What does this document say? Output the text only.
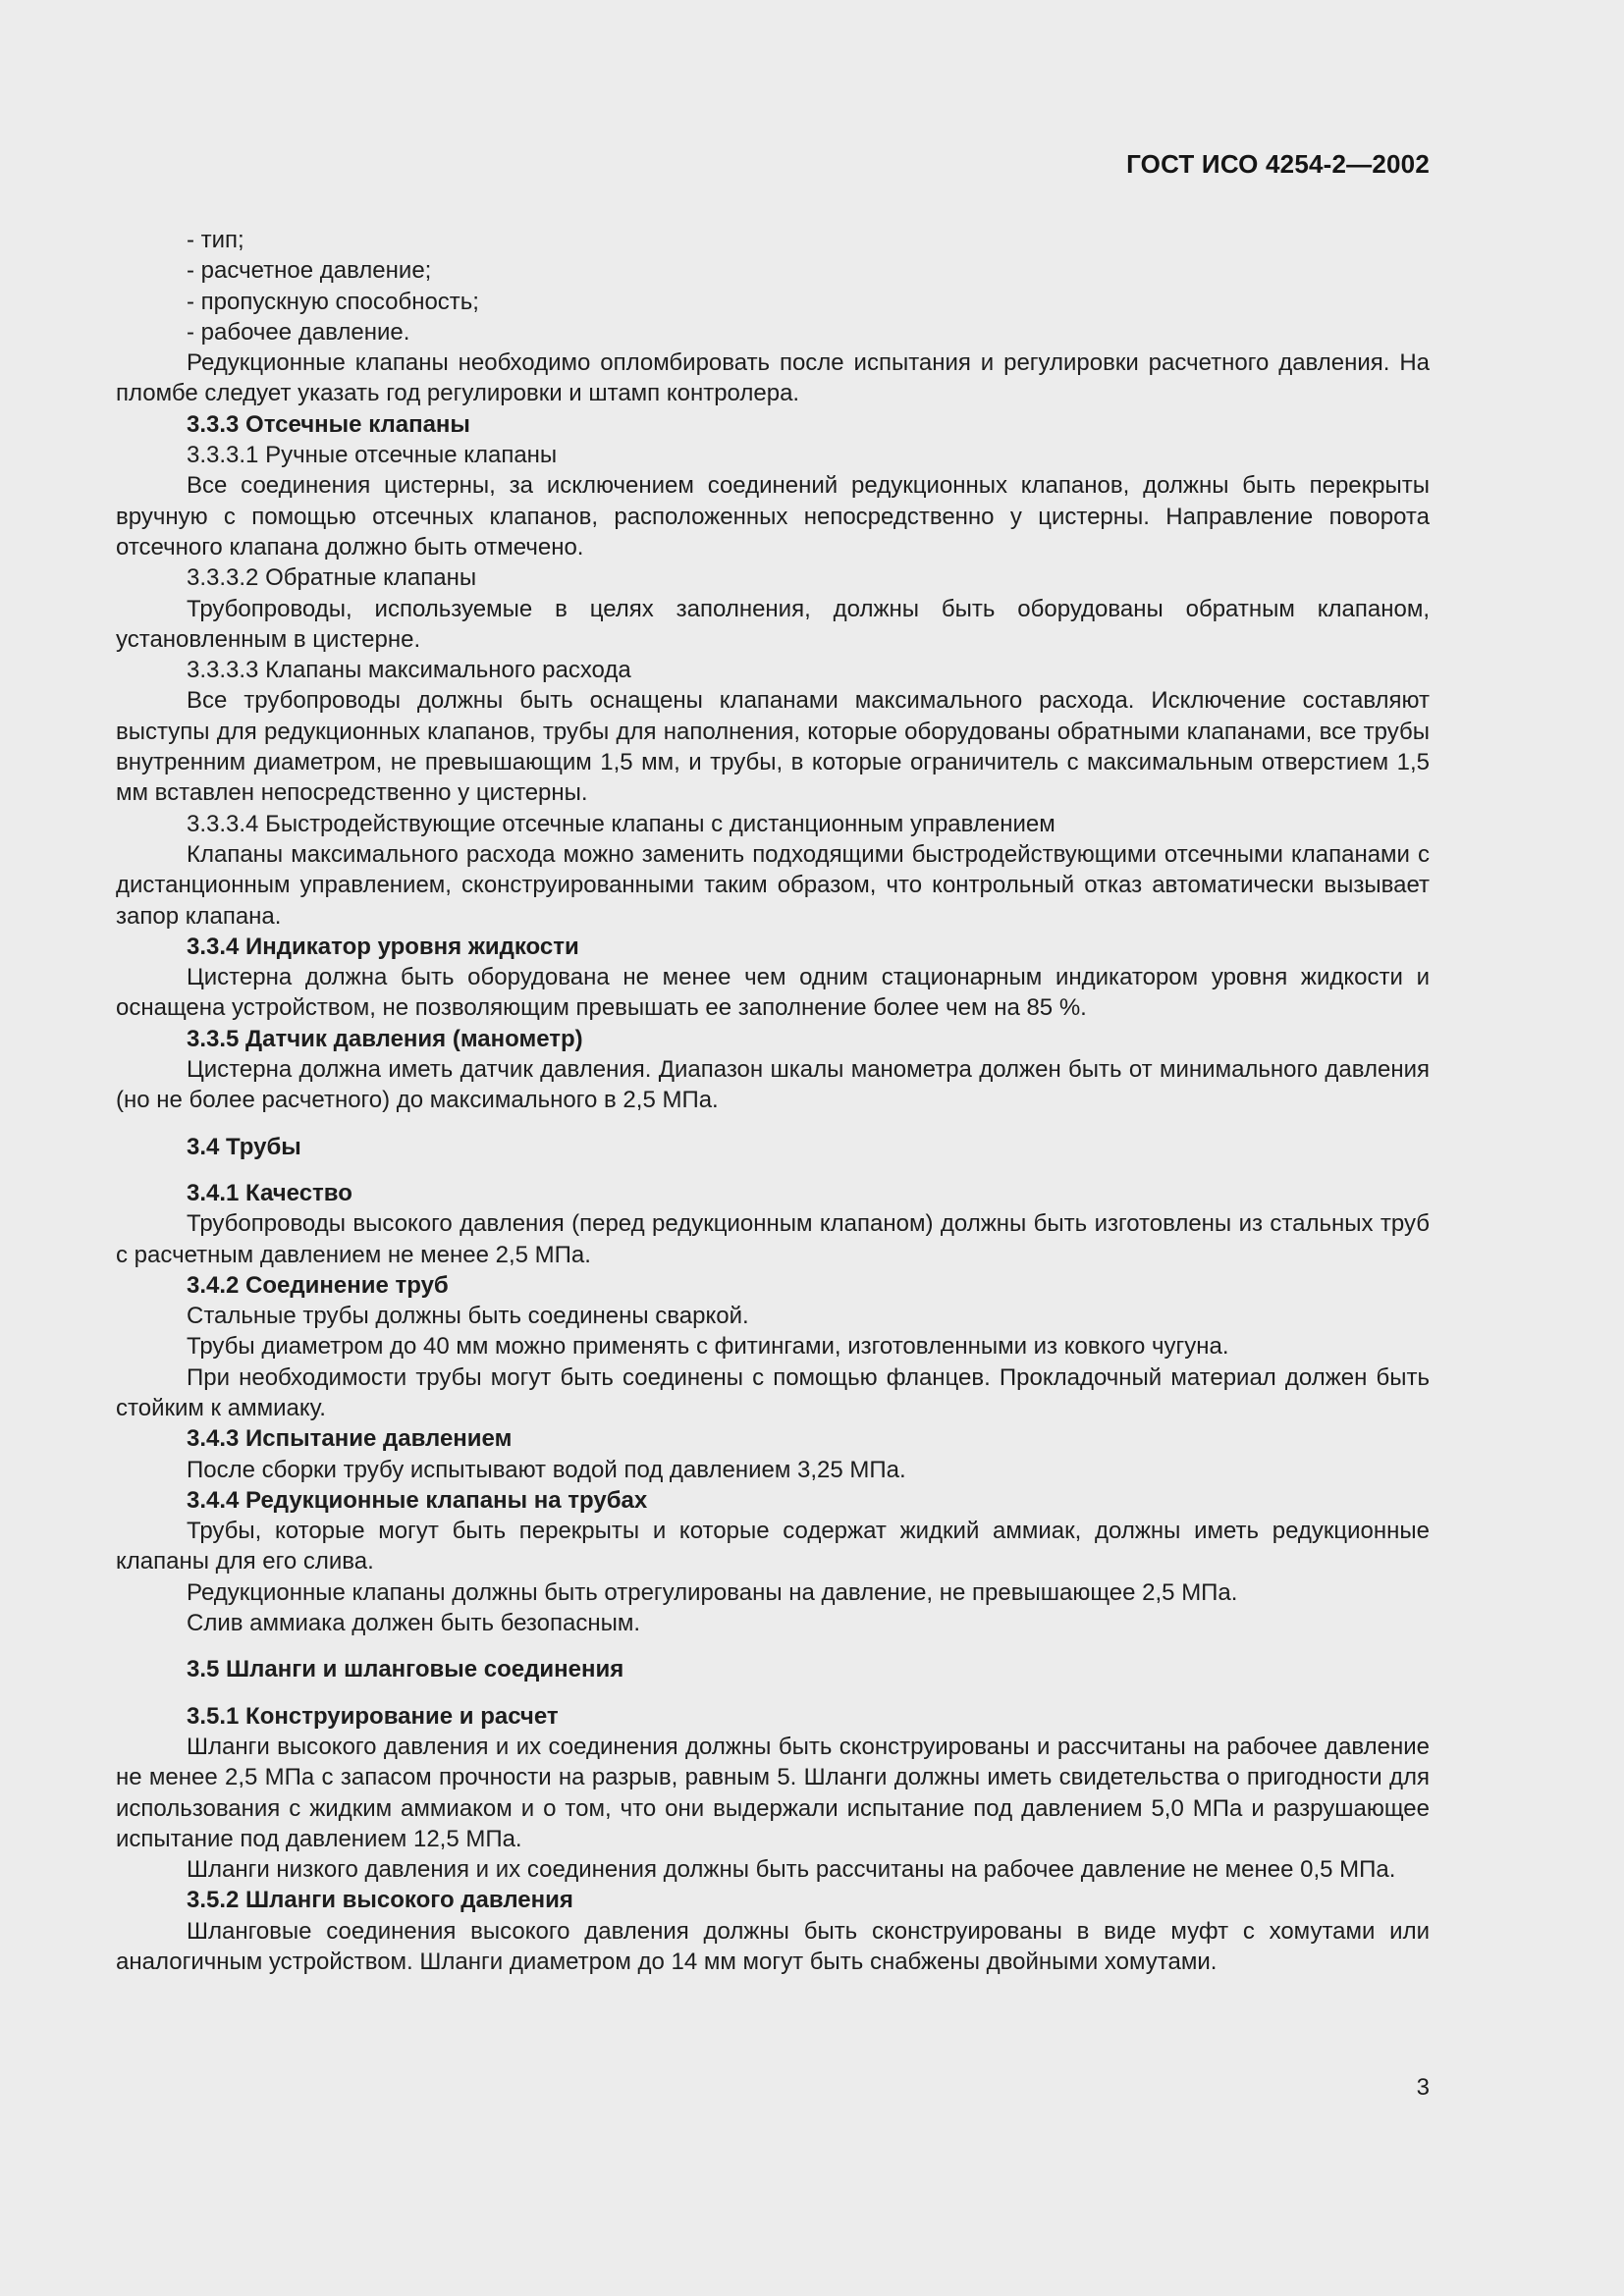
ГОСТ ИСО 4254-2—2002
- тип;
- расчетное давление;
- пропускную способность;
- рабочее давление.

Редукционные клапаны необходимо опломбировать после испытания и регулировки расчетного давления. На пломбе следует указать год регулировки и штамп контролера.

3.3.3 Отсечные клапаны
3.3.3.1 Ручные отсечные клапаны

Все соединения цистерны, за исключением соединений редукционных клапанов, должны быть перекрыты вручную с помощью отсечных клапанов, расположенных непосредственно у цистерны. Направление поворота отсечного клапана должно быть отмечено.

3.3.3.2 Обратные клапаны

Трубопроводы, используемые в целях заполнения, должны быть оборудованы обратным клапаном, установленным в цистерне.

3.3.3.3 Клапаны максимального расхода

Все трубопроводы должны быть оснащены клапанами максимального расхода. Исключение составляют выступы для редукционных клапанов, трубы для наполнения, которые оборудованы обратными клапанами, все трубы внутренним диаметром, не превышающим 1,5 мм, и трубы, в которые ограничитель с максимальным отверстием 1,5 мм вставлен непосредственно у цистерны.

3.3.3.4 Быстродействующие отсечные клапаны с дистанционным управлением

Клапаны максимального расхода можно заменить подходящими быстродействующими отсечными клапанами с дистанционным управлением, сконструированными таким образом, что контрольный отказ автоматически вызывает запор клапана.

3.3.4 Индикатор уровня жидкости

Цистерна должна быть оборудована не менее чем одним стационарным индикатором уровня жидкости и оснащена устройством, не позволяющим превышать ее заполнение более чем на 85 %.

3.3.5 Датчик давления (манометр)

Цистерна должна иметь датчик давления. Диапазон шкалы манометра должен быть от минимального давления (но не более расчетного) до максимального в 2,5 МПа.

3.4 Трубы
3.4.1 Качество

Трубопроводы высокого давления (перед редукционным клапаном) должны быть изготовлены из стальных труб с расчетным давлением не менее 2,5 МПа.

3.4.2 Соединение труб

Стальные трубы должны быть соединены сваркой.

Трубы диаметром до 40 мм можно применять с фитингами, изготовленными из ковкого чугуна.

При необходимости трубы могут быть соединены с помощью фланцев. Прокладочный материал должен быть стойким к аммиаку.

3.4.3 Испытание давлением

После сборки трубу испытывают водой под давлением 3,25 МПа.

3.4.4 Редукционные клапаны на трубах

Трубы, которые могут быть перекрыты и которые содержат жидкий аммиак, должны иметь редукционные клапаны для его слива.

Редукционные клапаны должны быть отрегулированы на давление, не превышающее 2,5 МПа.

Слив аммиака должен быть безопасным.

3.5 Шланги и шланговые соединения
3.5.1 Конструирование и расчет

Шланги высокого давления и их соединения должны быть сконструированы и рассчитаны на рабочее давление не менее 2,5 МПа с запасом прочности на разрыв, равным 5. Шланги должны иметь свидетельства о пригодности для использования с жидким аммиаком и о том, что они выдержали испытание под давлением 5,0 МПа и разрушающее испытание под давлением 12,5 МПа.

Шланги низкого давления и их соединения должны быть рассчитаны на рабочее давление не менее 0,5 МПа.

3.5.2 Шланги высокого давления

Шланговые соединения высокого давления должны быть сконструированы в виде муфт с хомутами или аналогичным устройством. Шланги диаметром до 14 мм могут быть снабжены двойными хомутами.

3
